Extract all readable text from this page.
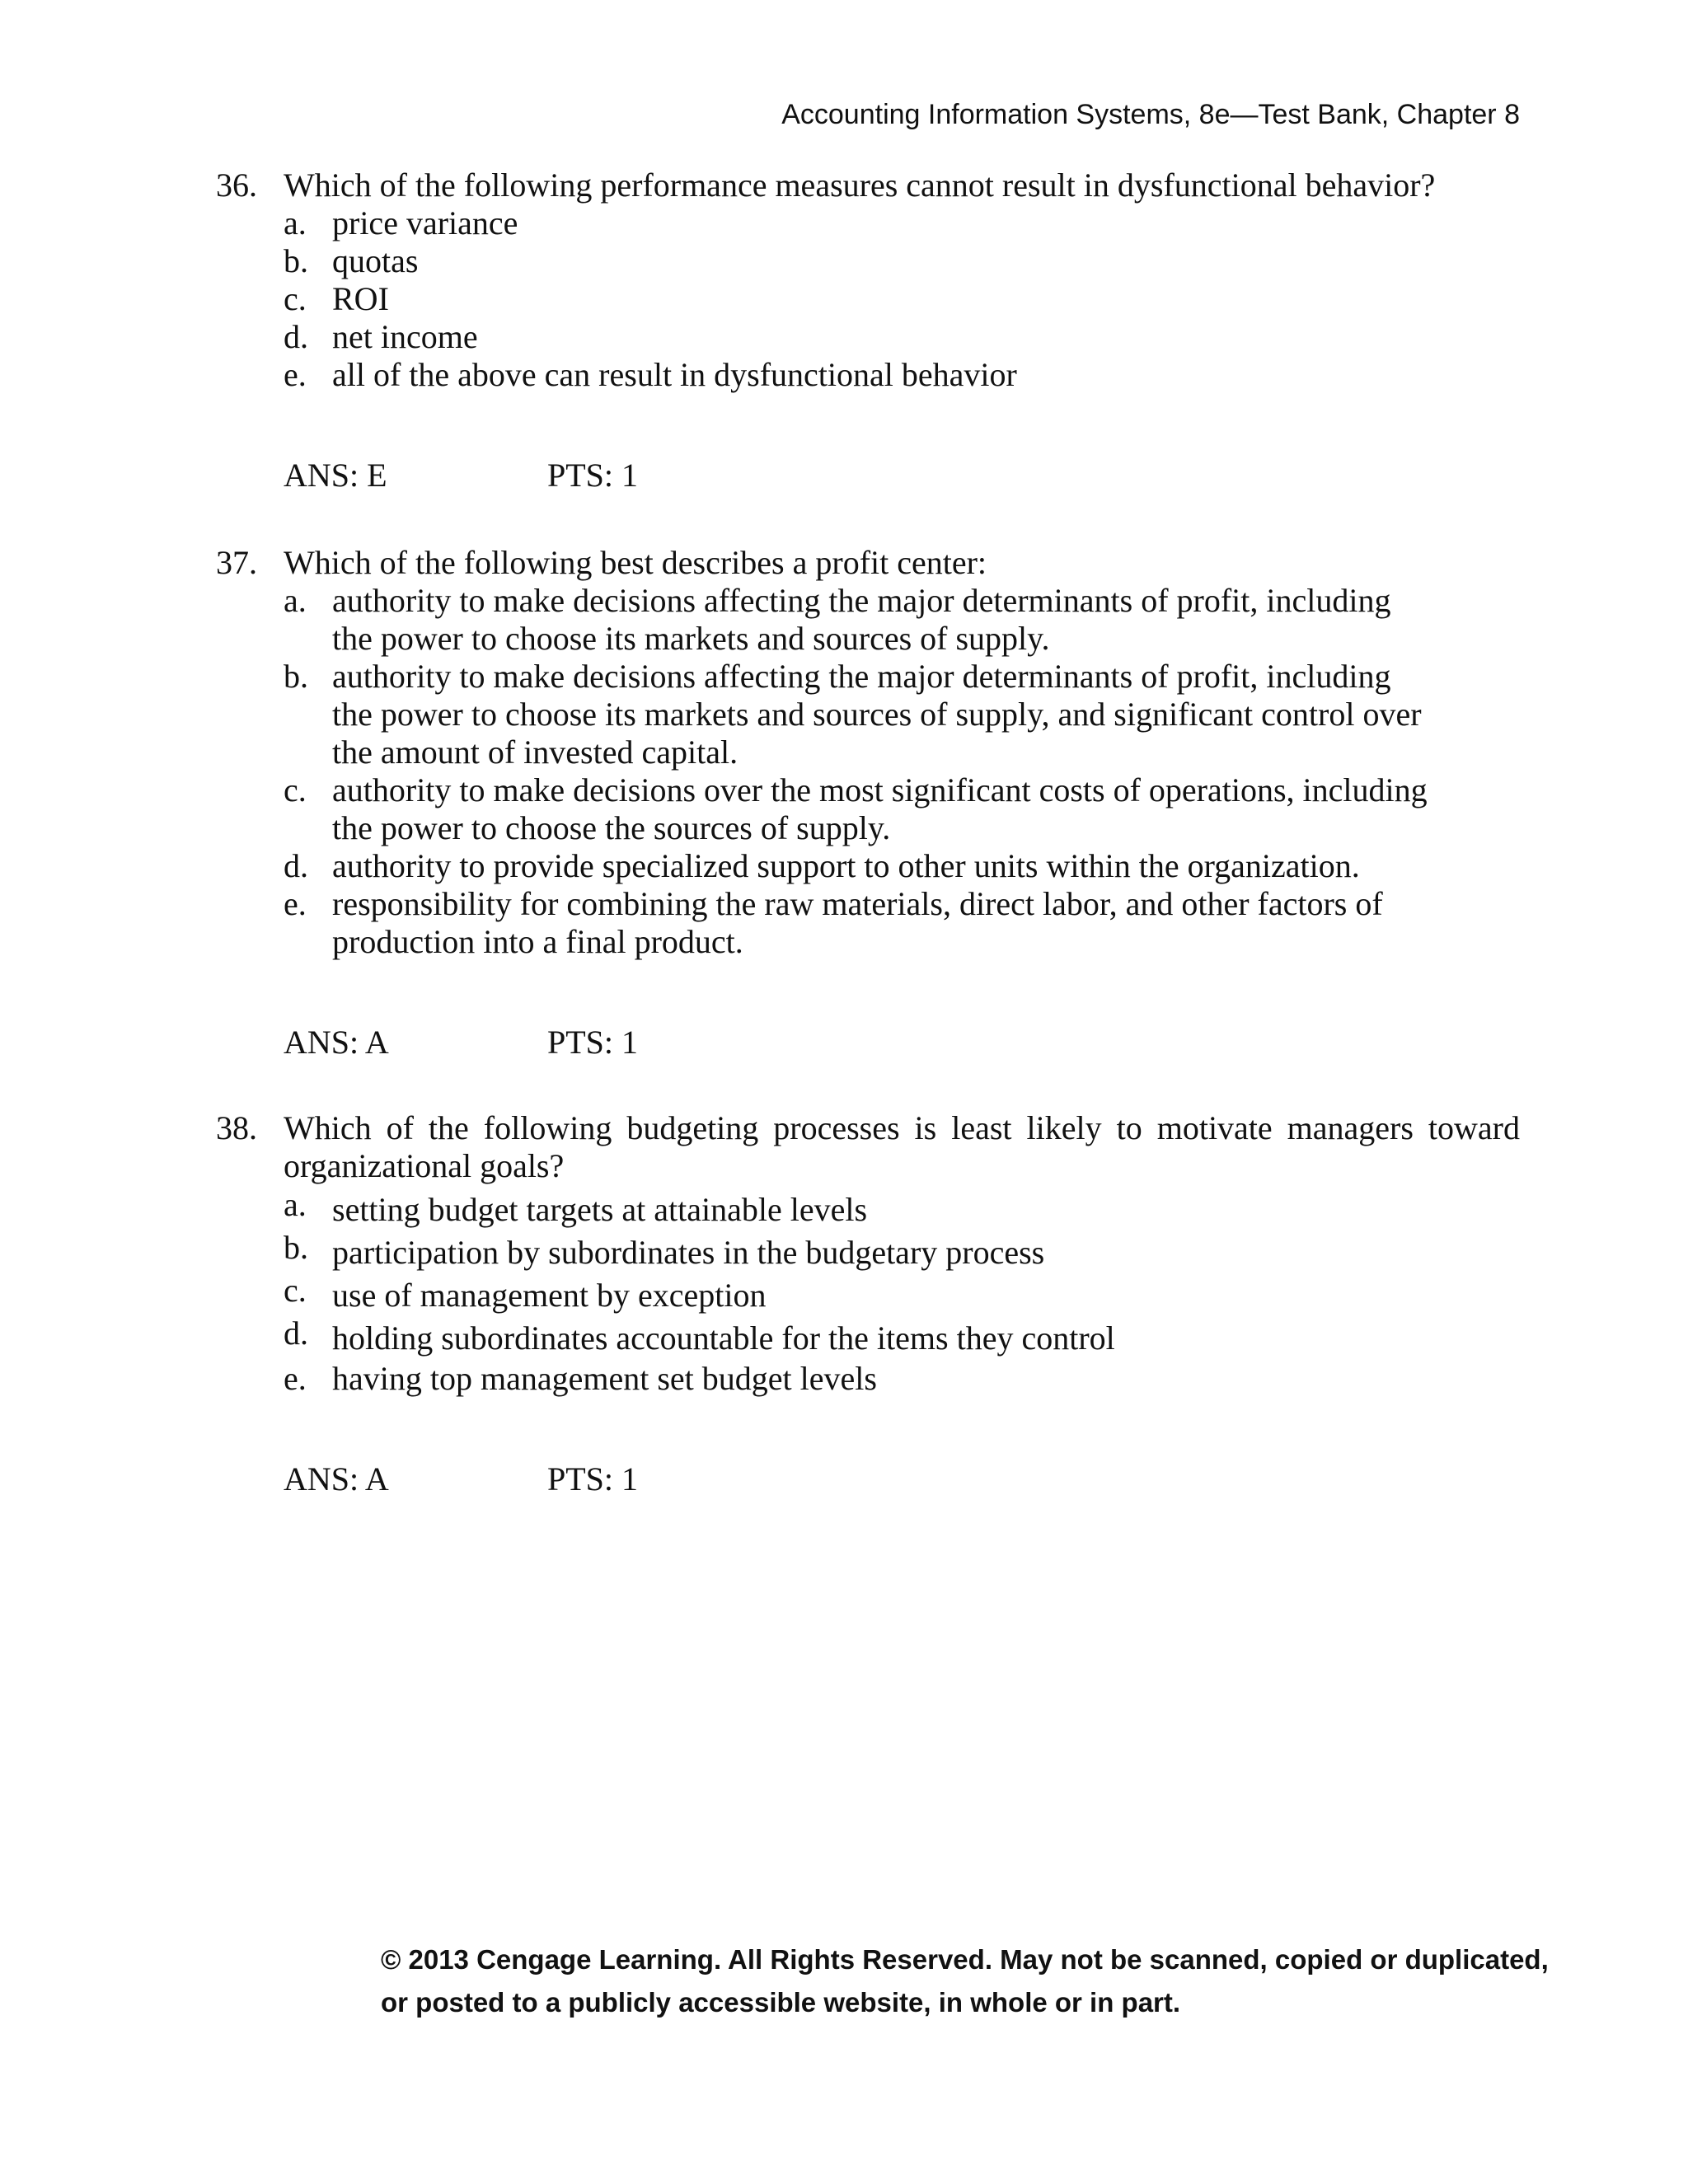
Accounting Information Systems, 8e—Test Bank, Chapter 8
36. Which of the following performance measures cannot result in dysfunctional behavior?
a. price variance
b. quotas
c. ROI
d. net income
e. all of the above can result in dysfunctional behavior
ANS: E	PTS: 1
37. Which of the following best describes a profit center:
a. authority to make decisions affecting the major determinants of profit, including the power to choose its markets and sources of supply.
b. authority to make decisions affecting the major determinants of profit, including the power to choose its markets and sources of supply, and significant control over the amount of invested capital.
c. authority to make decisions over the most significant costs of operations, including the power to choose the sources of supply.
d. authority to provide specialized support to other units within the organization.
e. responsibility for combining the raw materials, direct labor, and other factors of production into a final product.
ANS: A	PTS: 1
38. Which of the following budgeting processes is least likely to motivate managers toward organizational goals?
a. setting budget targets at attainable levels
b. participation by subordinates in the budgetary process
c. use of management by exception
d. holding subordinates accountable for the items they control
e. having top management set budget levels
ANS: A	PTS: 1
© 2013 Cengage Learning. All Rights Reserved. May not be scanned, copied or duplicated,
or posted to a publicly accessible website, in whole or in part.
